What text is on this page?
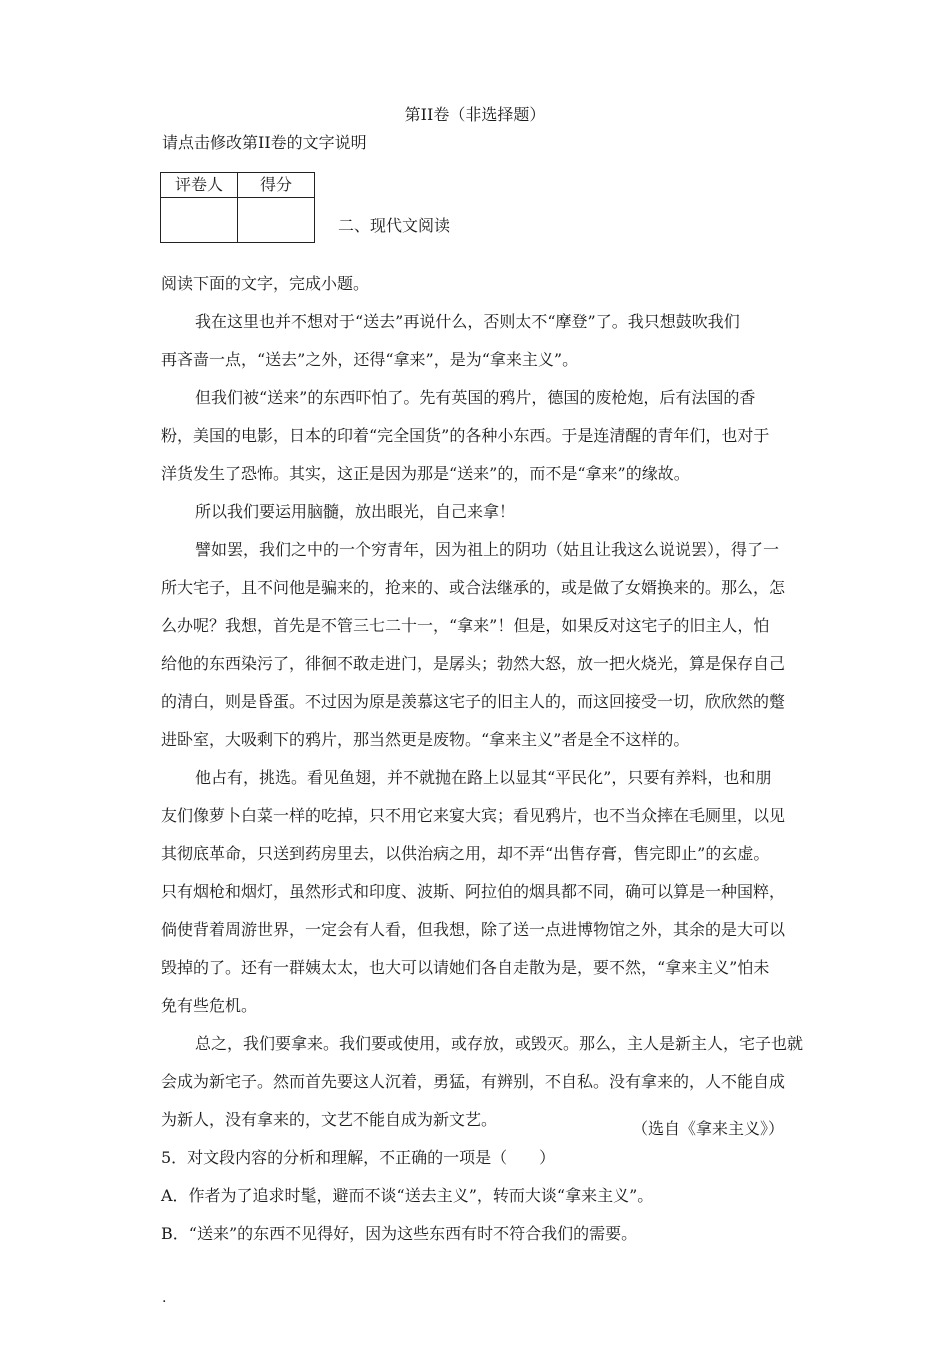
第II卷（非选择题）
请点击修改第II卷的文字说明
评卷人	得分

二、现代文阅读
阅读下面的文字，完成小题。
我在这里也并不想对于“送去”再说什么，否则太不“摩登”了。我只想鼓吹我们
再吝啬一点，“送去”之外，还得“拿来”，是为“拿来主义”。
但我们被“送来”的东西吓怕了。先有英国的鸦片，德国的废枪炮，后有法国的香
粉，美国的电影，日本的印着“完全国货”的各种小东西。于是连清醒的青年们，也对于
洋货发生了恐怖。其实，这正是因为那是“送来”的，而不是“拿来”的缘故。
所以我们要运用脑髓，放出眼光，自己来拿！
譬如罢，我们之中的一个穷青年，因为祖上的阴功（姑且让我这么说说罢），得了一
所大宅子，且不问他是骗来的，抢来的、或合法继承的，或是做了女婿换来的。那么，怎
么办呢？我想，首先是不管三七二十一，“拿来”！但是，如果反对这宅子的旧主人，怕
给他的东西染污了，徘徊不敢走进门，是孱头；勃然大怒，放一把火烧光，算是保存自己
的清白，则是昏蛋。不过因为原是羡慕这宅子的旧主人的，而这回接受一切，欣欣然的蹩
进卧室，大吸剩下的鸦片，那当然更是废物。“拿来主义”者是全不这样的。
他占有，挑选。看见鱼翅，并不就抛在路上以显其“平民化”，只要有养料，也和朋
友们像萝卜白菜一样的吃掉，只不用它来宴大宾；看见鸦片，也不当众摔在毛厕里，以见
其彻底革命，只送到药房里去，以供治病之用，却不弄“出售存膏，售完即止”的玄虚。
只有烟枪和烟灯，虽然形式和印度、波斯、阿拉伯的烟具都不同，确可以算是一种国粹，
倘使背着周游世界，一定会有人看，但我想，除了送一点进博物馆之外，其余的是大可以
毁掉的了。还有一群姨太太，也大可以请她们各自走散为是，要不然，“拿来主义”怕未
免有些危机。
总之，我们要拿来。我们要或使用，或存放，或毁灭。那么，主人是新主人，宅子也就
会成为新宅子。然而首先要这人沉着，勇猛，有辨别，不自私。没有拿来的，人不能自成
为新人，没有拿来的，文艺不能自成为新文艺。	（选自《拿来主义》）
5．对文段内容的分析和理解，不正确的一项是（　　）
A．作者为了追求时髦，避而不谈“送去主义”，转而大谈“拿来主义”。
B．“送来”的东西不见得好，因为这些东西有时不符合我们的需要。
.
